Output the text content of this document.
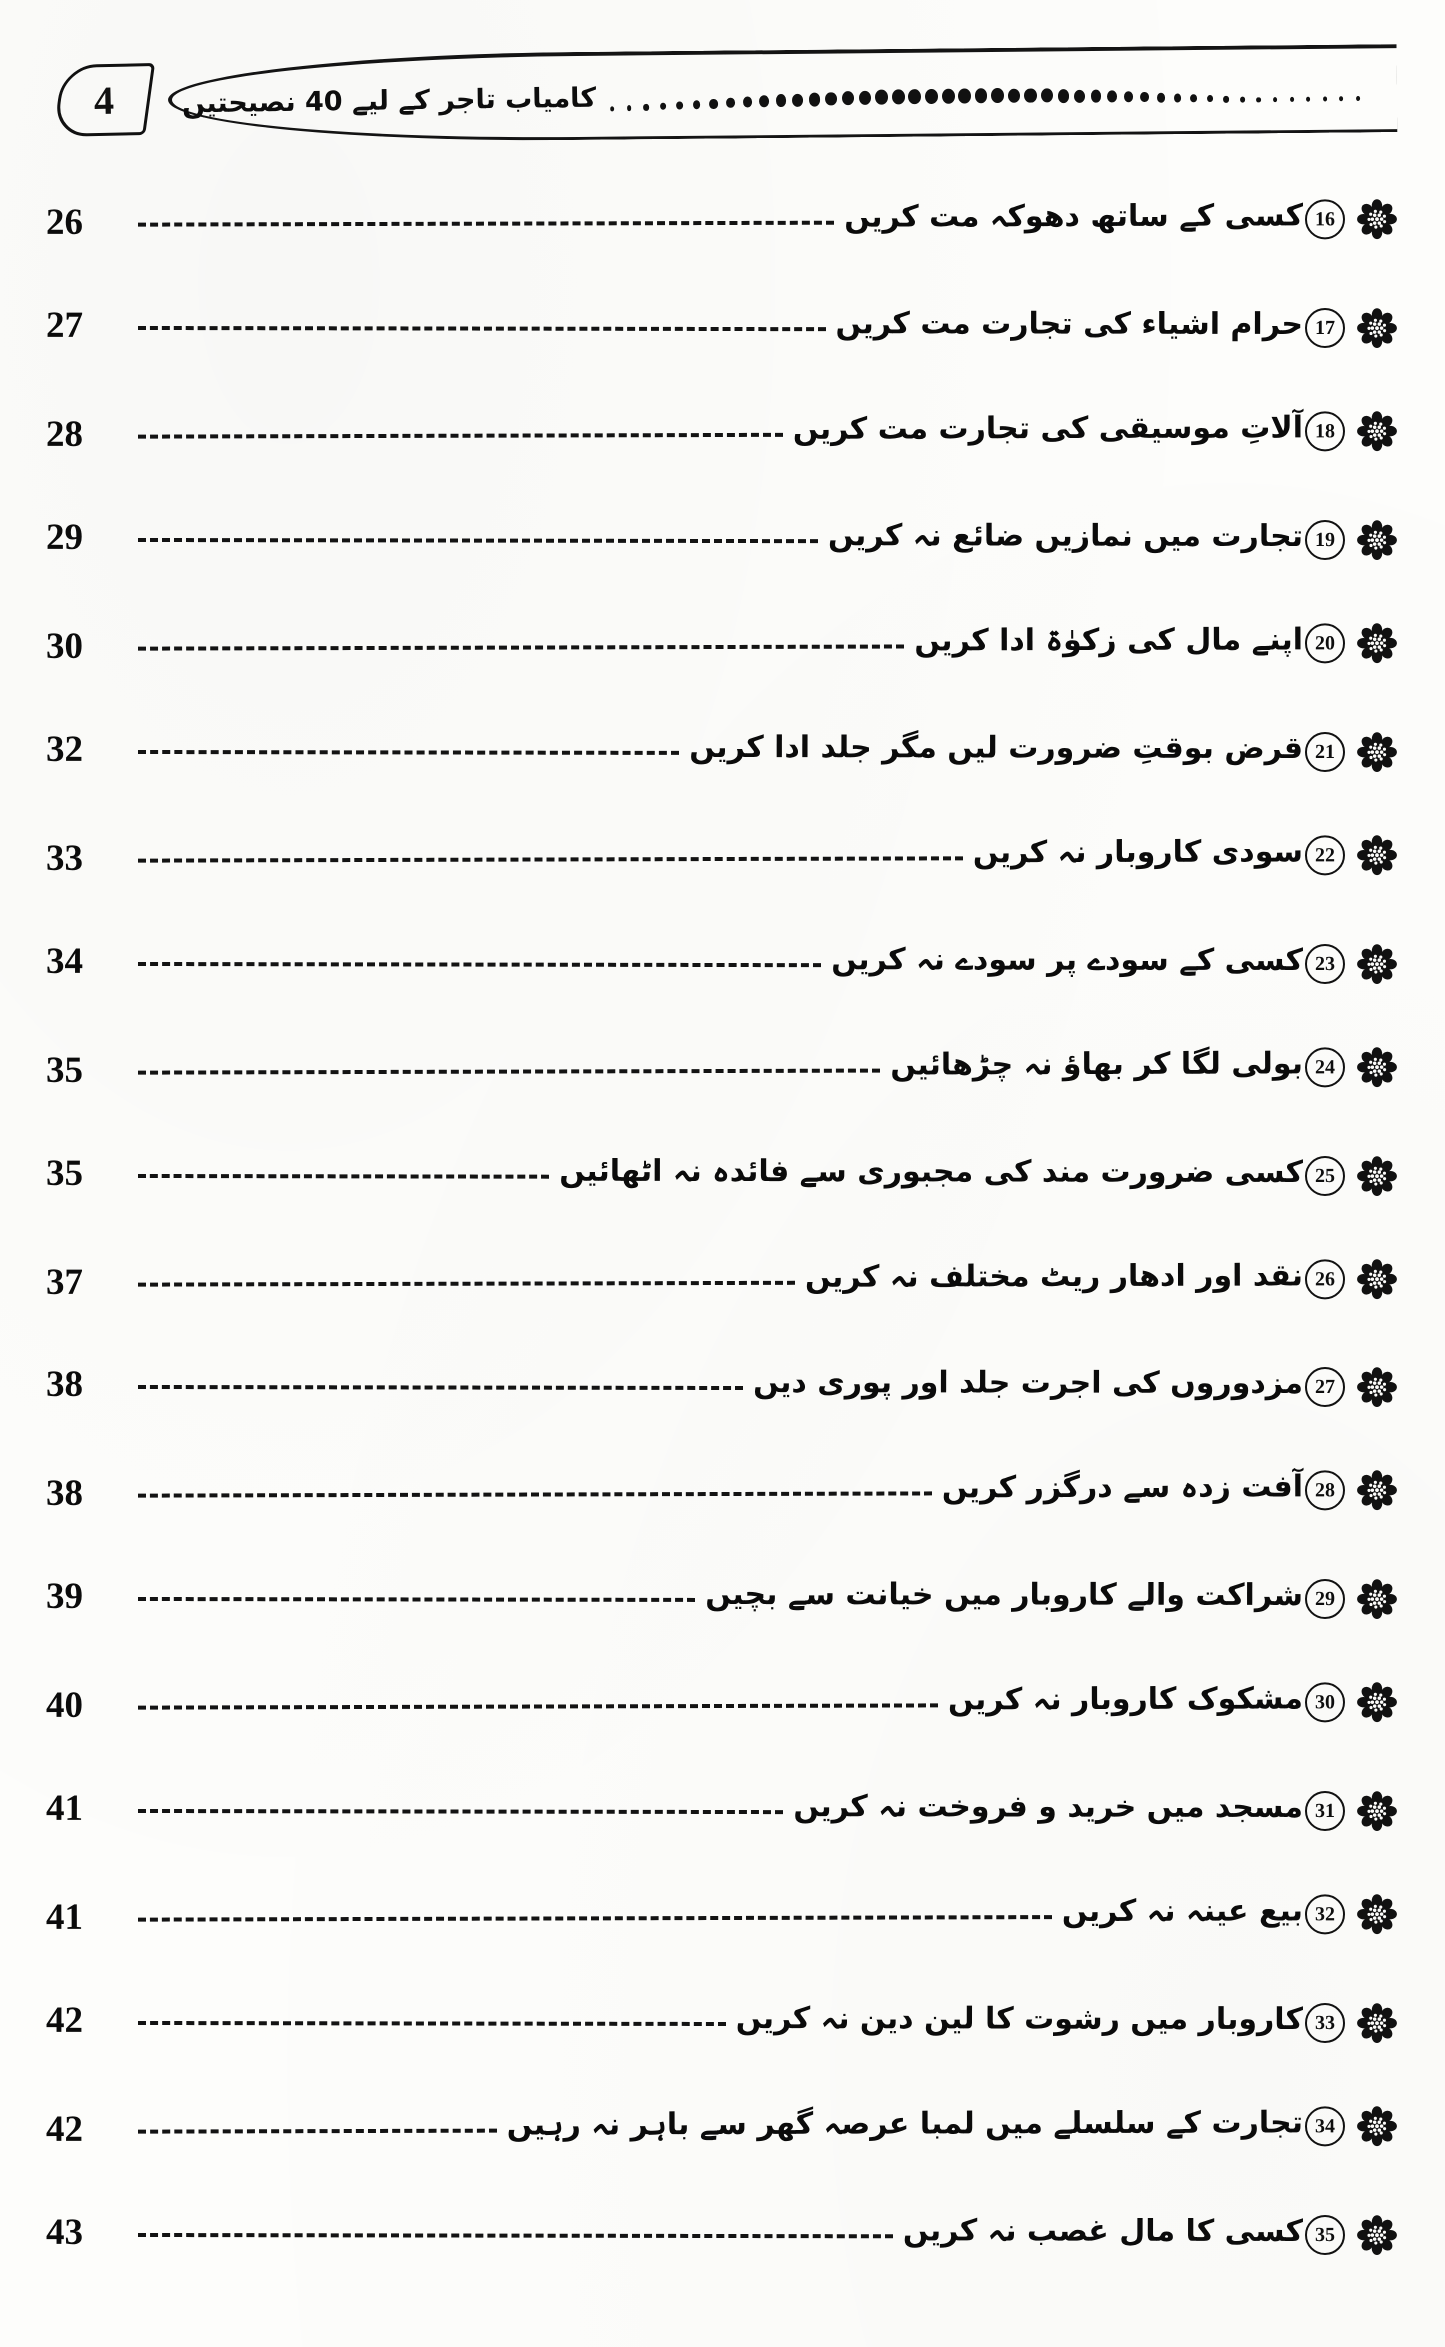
4 کامیاب تاجر کے لیے 40 نصیحتیں
16
کسی کے ساتھ دھوکہ مت کریں
26
17
حرام اشیاء کی تجارت مت کریں
27
18
آلاتِ موسیقی کی تجارت مت کریں
28
19
تجارت میں نمازیں ضائع نہ کریں
29
20
اپنے مال کی زکوٰۃ ادا کریں
30
21
قرض بوقتِ ضرورت لیں مگر جلد ادا کریں
32
22
سودی کاروبار نہ کریں
33
23
کسی کے سودے پر سودے نہ کریں
34
24
بولی لگا کر بھاؤ نہ چڑھائیں
35
25
کسی ضرورت مند کی مجبوری سے فائدہ نہ اٹھائیں
35
26
نقد اور ادھار ریٹ مختلف نہ کریں
37
27
مزدوروں کی اجرت جلد اور پوری دیں
38
28
آفت زدہ سے درگزر کریں
38
29
شراکت والے کاروبار میں خیانت سے بچیں
39
30
مشکوک کاروبار نہ کریں
40
31
مسجد میں خرید و فروخت نہ کریں
41
32
بیع عینہ نہ کریں
41
33
کاروبار میں رشوت کا لین دین نہ کریں
42
34
تجارت کے سلسلے میں لمبا عرصہ گھر سے باہر نہ رہیں
42
35
کسی کا مال غصب نہ کریں
43
